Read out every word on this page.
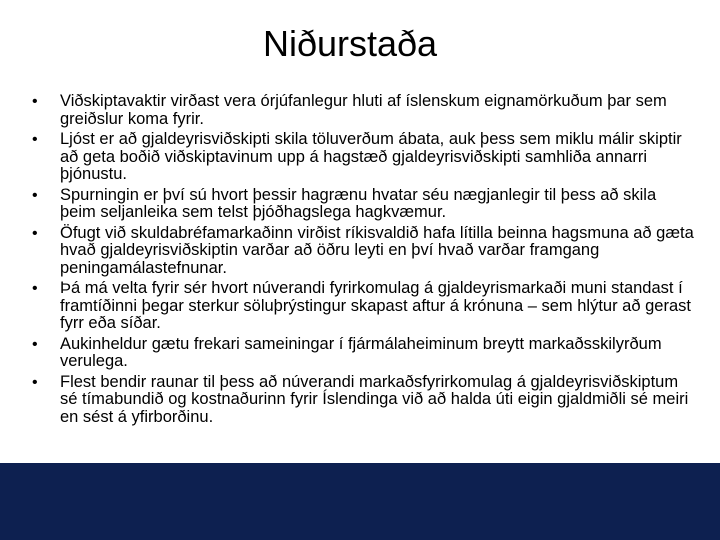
Niðurstaða
• Viðskiptavaktir virðast vera órjúfanlegur hluti af íslenskum eignamörkuðum þar sem greiðslur koma fyrir.
• Ljóst er að gjaldeyrisviðskipti skila töluverðum ábata, auk þess sem miklu málir skiptir að geta boðið viðskiptavinum upp á hagstæð gjaldeyrisviðskipti samhliða annarri þjónustu.
• Spurningin er því sú hvort þessir hagrænu hvatar séu nægjanlegir til þess að skila þeim seljanleika sem telst þjóðhagslega hagkvæmur.
• Öfugt við skuldabréfamarkaðinn virðist ríkisvaldið hafa lítilla beinna hagsmuna að gæta hvað gjaldeyrisviðskiptin varðar að öðru leyti en því hvað varðar framgang peningamálastefnunar.
• Þá má velta fyrir sér hvort núverandi fyrirkomulag á gjaldeyrismarkaði muni standast í framtíðinni þegar sterkur söluþrýstingur skapast aftur á krónuna – sem hlýtur að gerast fyrr eða síðar.
• Aukinheldur gætu frekari sameiningar í fjármálaheiminum breytt markaðsskilyrðum verulega.
• Flest bendir raunar til þess að núverandi markaðsfyrirkomulag á gjaldeyrisviðskiptum sé tímabundið og kostnaðurinn fyrir Íslendinga við að halda úti eigin gjaldmiðli sé meiri en sést á yfirborðinu.
